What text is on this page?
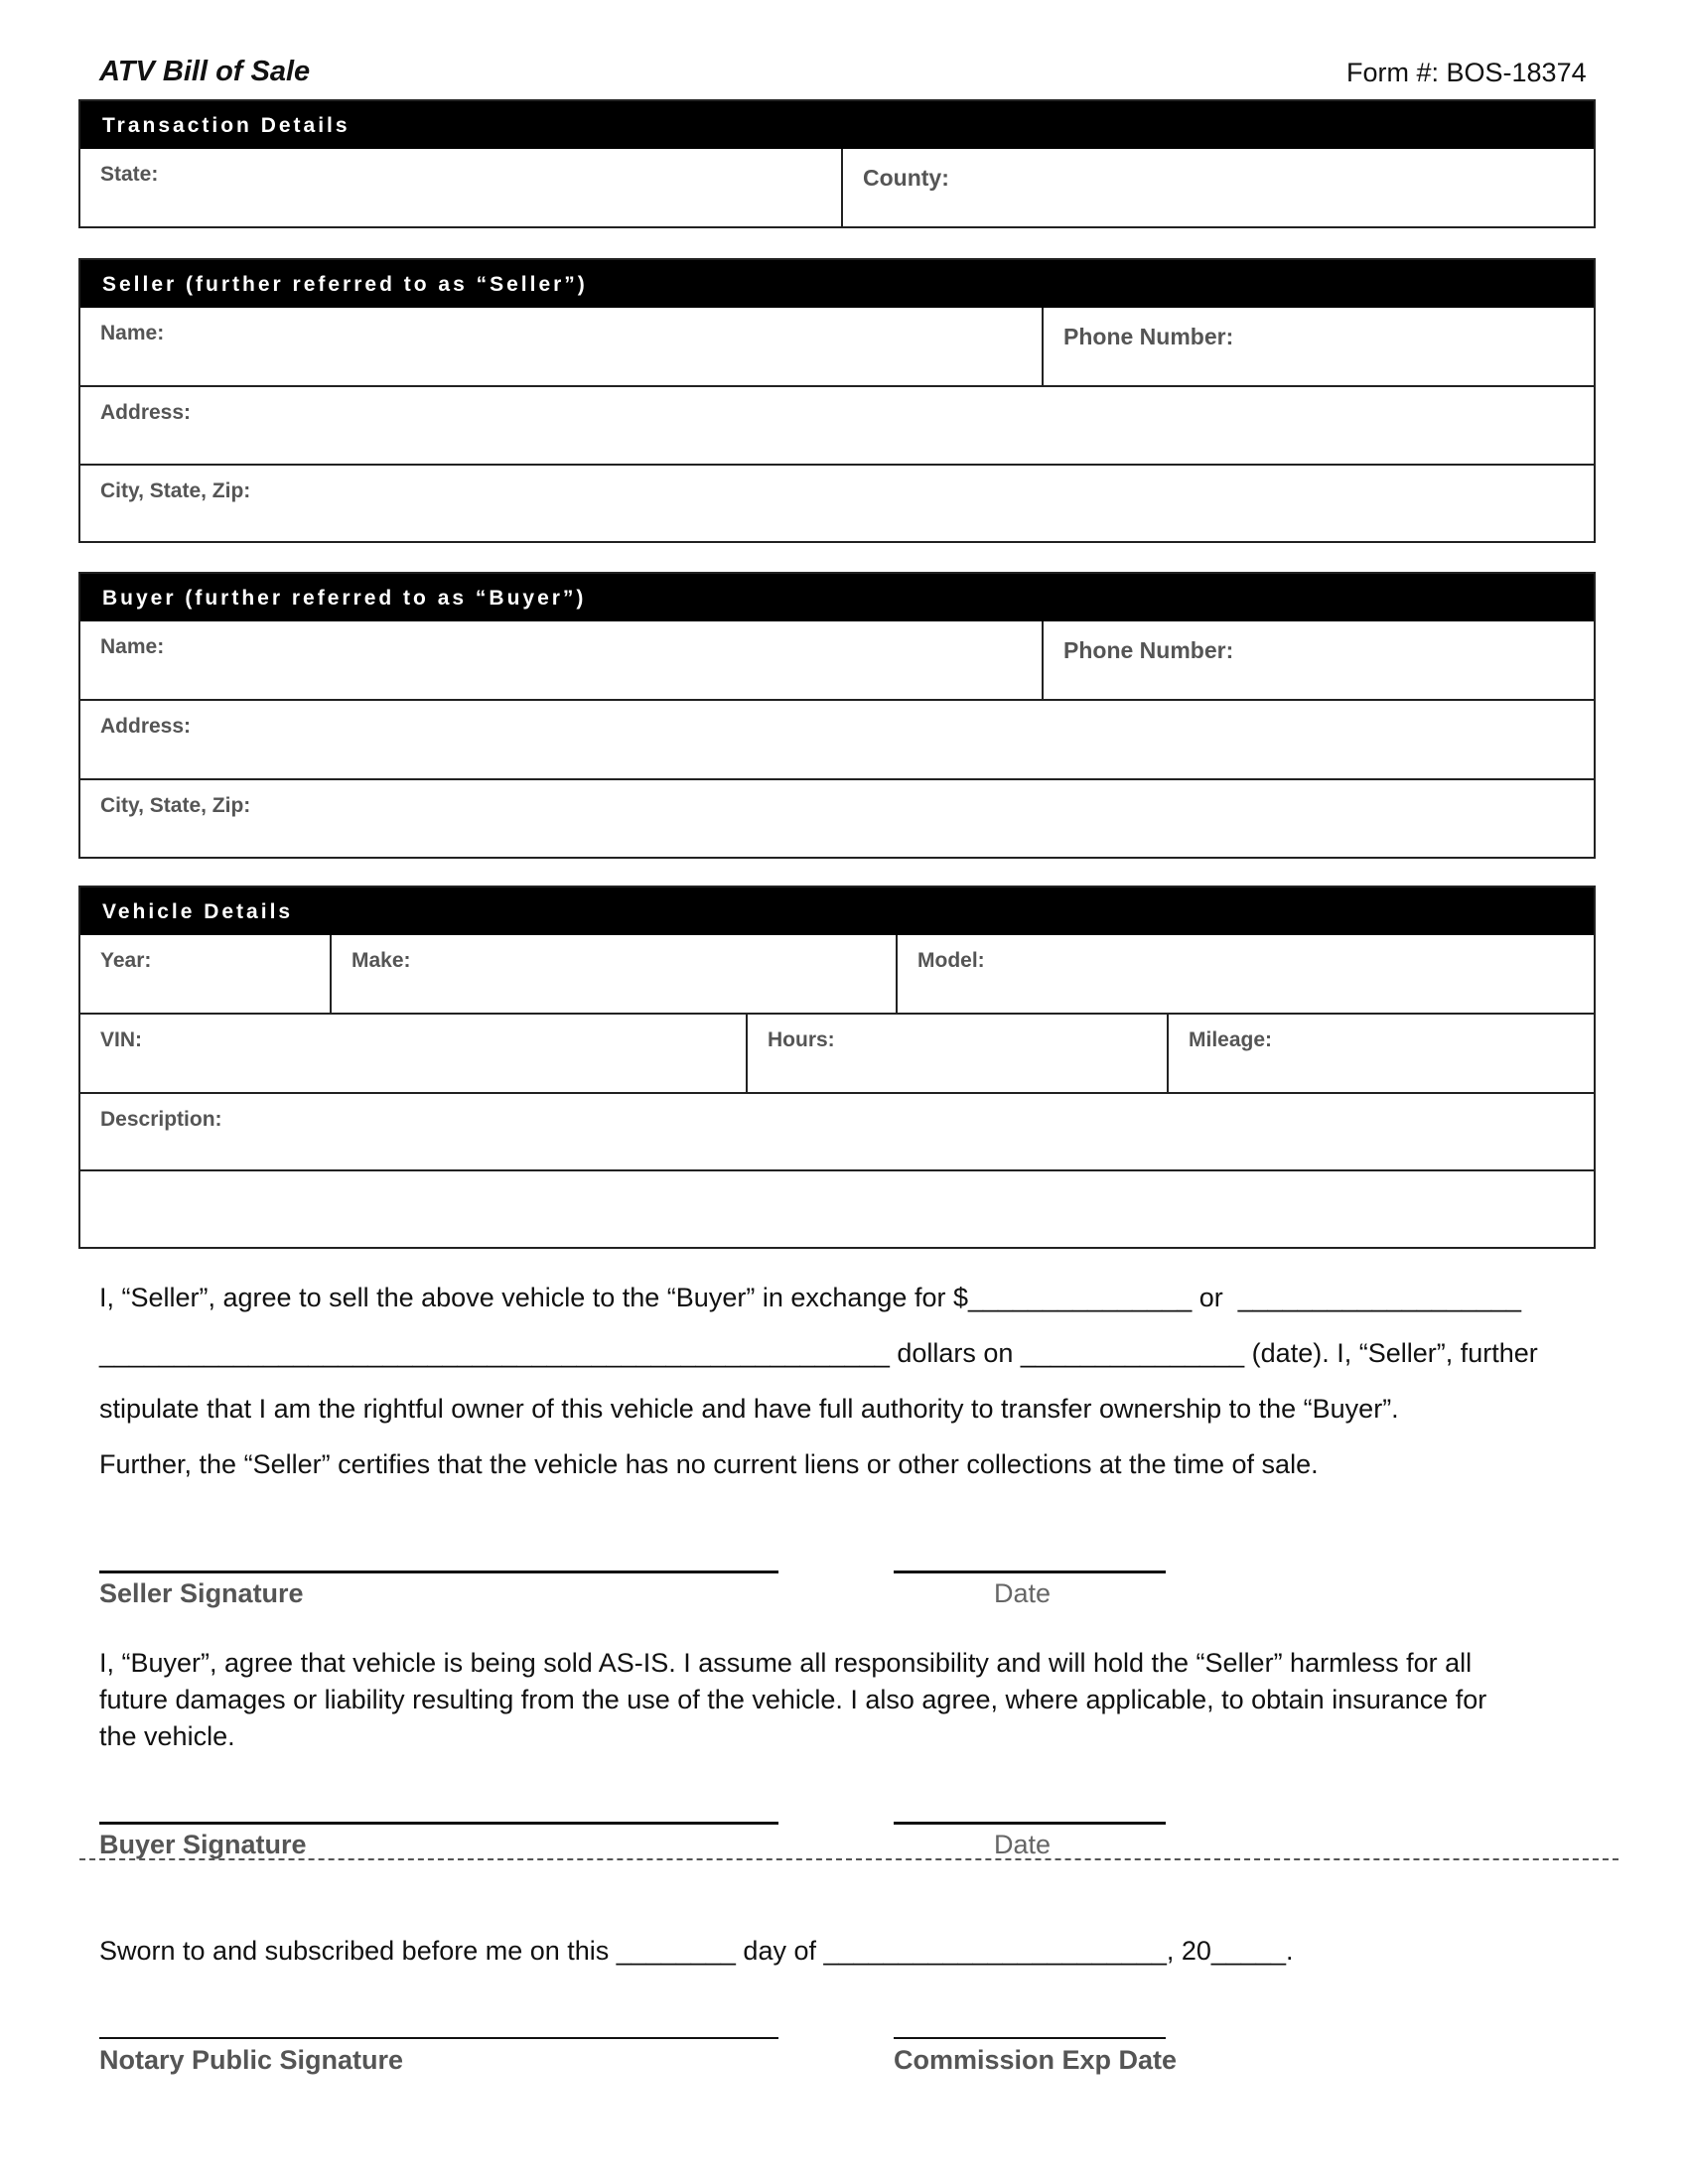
ATV Bill of Sale	Form #: BOS-18374
Transaction Details
State:	County:
Seller (further referred to as “Seller”)
Name:	Phone Number:
Address:
City, State, Zip:
Buyer (further referred to as “Buyer”)
Name:	Phone Number:
Address:
City, State, Zip:
Vehicle Details
Year:	Make:	Model:
VIN:	Hours:	Mileage:
Description:
I, “Seller”, agree to sell the above vehicle to the “Buyer” in exchange for $_______________ or  ___________________
_____________________________________________________ dollars on _______________ (date). I, “Seller”, further
stipulate that I am the rightful owner of this vehicle and have full authority to transfer ownership to the “Buyer”.
Further, the “Seller” certifies that the vehicle has no current liens or other collections at the time of sale.
Seller Signature	Date
I, “Buyer”, agree that vehicle is being sold AS-IS. I assume all responsibility and will hold the “Seller” harmless for all
future damages or liability resulting from the use of the vehicle. I also agree, where applicable, to obtain insurance for
the vehicle.
Buyer Signature	Date
Sworn to and subscribed before me on this ________ day of _______________________, 20_____.
Notary Public Signature	Commission Exp Date
